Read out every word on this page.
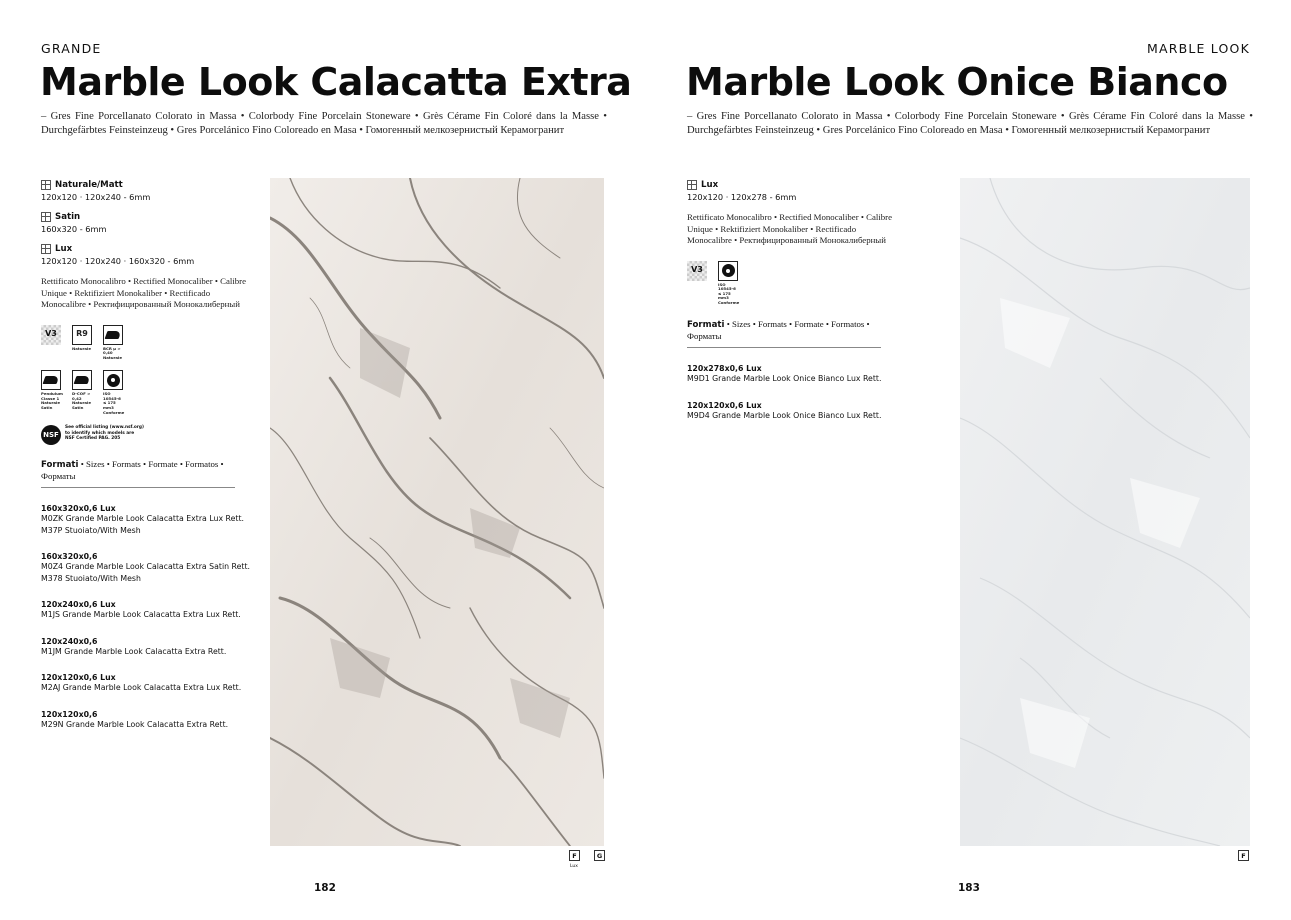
GRANDE
Marble Look Calacatta Extra
– Gres Fine Porcellanato Colorato in Massa • Colorbody Fine Porcelain Stoneware • Grès Cérame Fin Coloré dans la Masse • Durchgefärbtes Feinsteinzeug • Gres Porcelánico Fino Coloreado en Masa • Гомогенный мелкозернистый Керамогранит
Naturale/Matt
120x120 · 120x240 - 6mm
Satin
160x320 - 6mm
Lux
120x120 · 120x240 · 160x320 - 6mm
Rettificato Monocalibro • Rectified Monocaliber • Calibre Unique • Rektifiziert Monokaliber • Rectificado Monocalibre • Ректифицированный Монокалиберный
V3	R9
Naturale	BCR µ > 0,40 Naturale
Pendulum Classe 1 Naturale Satin
D-COF > 0,42 Naturale Satin
ISO 10545-6 ≤ 175 mm3 Conforme
NSF
See official listing (www.nsf.org) to identify which models are NSF Certified PAG. 205
Formati • Sizes • Formats • Formate • Formatos • Форматы
160x320x0,6 Lux
M0ZK Grande Marble Look Calacatta Extra Lux Rett.
M37P Stuoiato/With Mesh
160x320x0,6
M0Z4 Grande Marble Look Calacatta Extra Satin Rett.
M378 Stuoiato/With Mesh
120x240x0,6 Lux
M1JS Grande Marble Look Calacatta Extra Lux Rett.
120x240x0,6
M1JM Grande Marble Look Calacatta Extra Rett.
120x120x0,6 Lux
M2AJ Grande Marble Look Calacatta Extra Lux Rett.
120x120x0,6
M29N Grande Marble Look Calacatta Extra Rett.
F	G
Lux
182
MARBLE LOOK
Marble Look Onice Bianco
– Gres Fine Porcellanato Colorato in Massa • Colorbody Fine Porcelain Stoneware • Grès Cérame Fin Coloré dans la Masse • Durchgefärbtes Feinsteinzeug • Gres Porcelánico Fino Coloreado en Masa • Гомогенный мелкозернистый Керамогранит
Lux
120x120 · 120x278 - 6mm
Rettificato Monocalibro • Rectified Monocaliber • Calibre Unique • Rektifiziert Monokaliber • Rectificado Monocalibre • Ректифицированный Монокалиберный
V3
ISO 10545-6 ≤ 175 mm3 Conforme
Formati • Sizes • Formats • Formate • Formatos • Форматы
120x278x0,6 Lux
M9D1 Grande Marble Look Onice Bianco Lux Rett.
120x120x0,6 Lux
M9D4 Grande Marble Look Onice Bianco Lux Rett.
F
183
